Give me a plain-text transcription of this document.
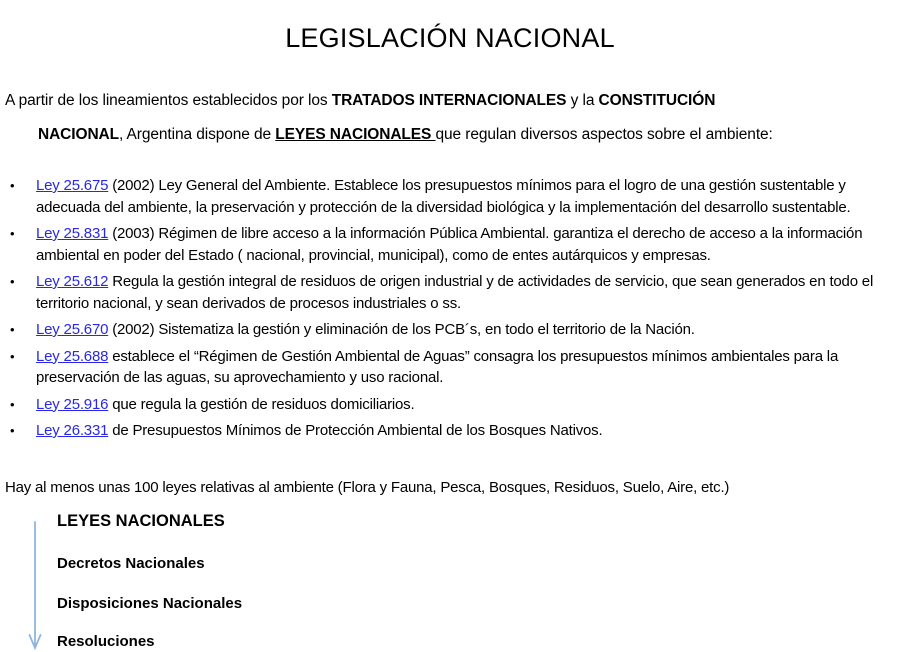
LEGISLACIÓN NACIONAL

A partir de los lineamientos establecidos por los TRATADOS INTERNACIONALES y la CONSTITUCIÓN

NACIONAL, Argentina dispone de LEYES NACIONALES que regulan diversos aspectos sobre el ambiente:

• Ley 25.675 (2002) Ley General del Ambiente. Establece los presupuestos mínimos para el logro de una gestión sustentable y adecuada del ambiente, la preservación y protección de la diversidad biológica y la implementación del desarrollo sustentable.
• Ley 25.831 (2003) Régimen de libre acceso a la información Pública Ambiental. garantiza el derecho de acceso a la información ambiental en poder del Estado ( nacional, provincial, municipal), como de entes autárquicos y empresas.
• Ley 25.612 Regula la gestión integral de residuos de origen industrial y de actividades de servicio, que sean generados en todo el territorio nacional, y sean derivados de procesos industriales o ss.
• Ley 25.670 (2002) Sistematiza la gestión y eliminación de los PCB´s, en todo el territorio de la Nación.
• Ley 25.688 establece el “Régimen de Gestión Ambiental de Aguas” consagra los presupuestos mínimos ambientales para la preservación de las aguas, su aprovechamiento y uso racional.
• Ley 25.916 que regula la gestión de residuos domiciliarios.
• Ley 26.331 de Presupuestos Mínimos de Protección Ambiental de los Bosques Nativos.

Hay al menos unas 100 leyes relativas al ambiente (Flora y Fauna, Pesca, Bosques, Residuos, Suelo, Aire, etc.)

LEYES NACIONALES
Decretos Nacionales
Disposiciones Nacionales
Resoluciones
